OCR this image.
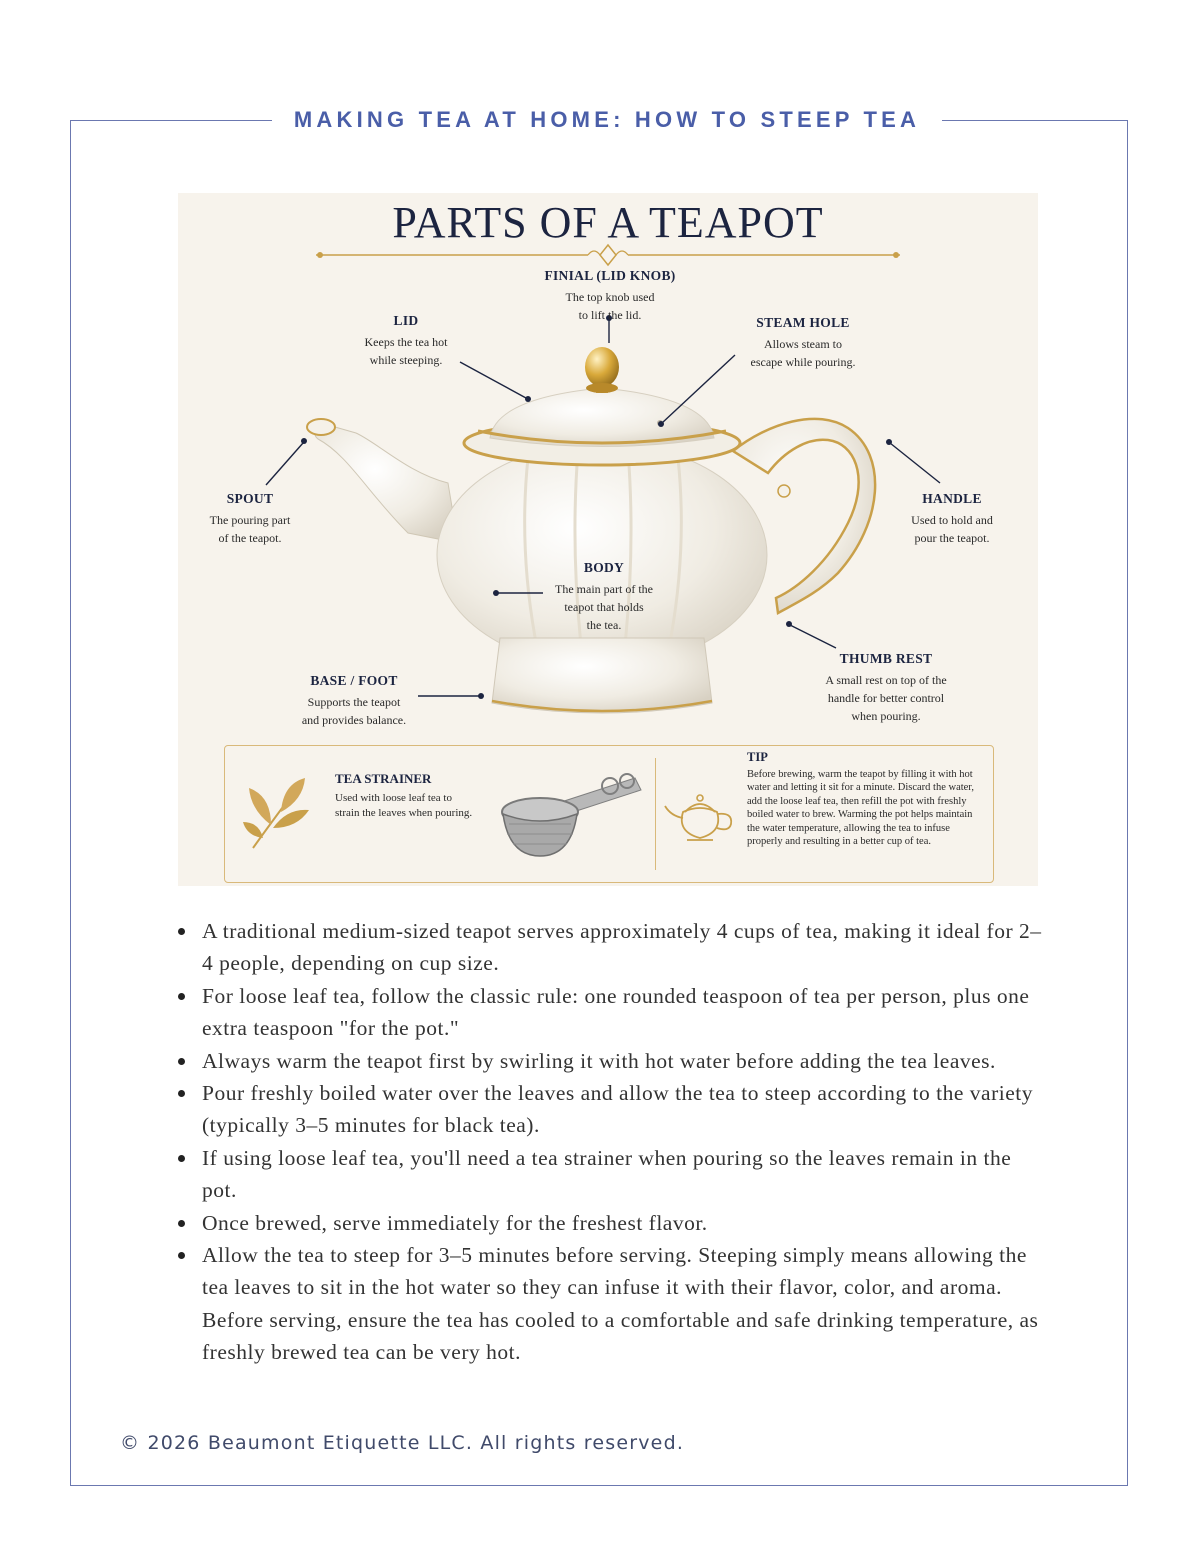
MAKING TEA AT HOME: HOW TO STEEP TEA
PARTS OF A TEAPOT
FINIAL (LID KNOB)
The top knob used
to lift the lid.
LID
Keeps the tea hot
while steeping.
STEAM HOLE
Allows steam to
escape while pouring.
SPOUT
The pouring part
of the teapot.
HANDLE
Used to hold and
pour the teapot.
BODY
The main part of the
teapot that holds
the tea.
BASE / FOOT
Supports the teapot
and provides balance.
THUMB REST
A small rest on top of the
handle for better control
when pouring.
TEA STRAINER
Used with loose leaf tea to
strain the leaves when pouring.
TIP
Before brewing, warm the teapot by filling it with hot water and letting it sit for a minute. Discard the water, add the loose leaf tea, then refill the pot with freshly boiled water to brew. Warming the pot helps maintain the water temperature, allowing the tea to infuse properly and resulting in a better cup of tea.
A traditional medium-sized teapot serves approximately 4 cups of tea, making it ideal for 2–4 people, depending on cup size.
For loose leaf tea, follow the classic rule: one rounded teaspoon of tea per person, plus one extra teaspoon "for the pot."
Always warm the teapot first by swirling it with hot water before adding the tea leaves.
Pour freshly boiled water over the leaves and allow the tea to steep according to the variety (typically 3–5 minutes for black tea).
If using loose leaf tea, you'll need a tea strainer when pouring so the leaves remain in the pot.
Once brewed, serve immediately for the freshest flavor.
Allow the tea to steep for 3–5 minutes before serving. Steeping simply means allowing the tea leaves to sit in the hot water so they can infuse it with their flavor, color, and aroma. Before serving, ensure the tea has cooled to a comfortable and safe drinking temperature, as freshly brewed tea can be very hot.
© 2026 Beaumont Etiquette LLC. All rights reserved.
